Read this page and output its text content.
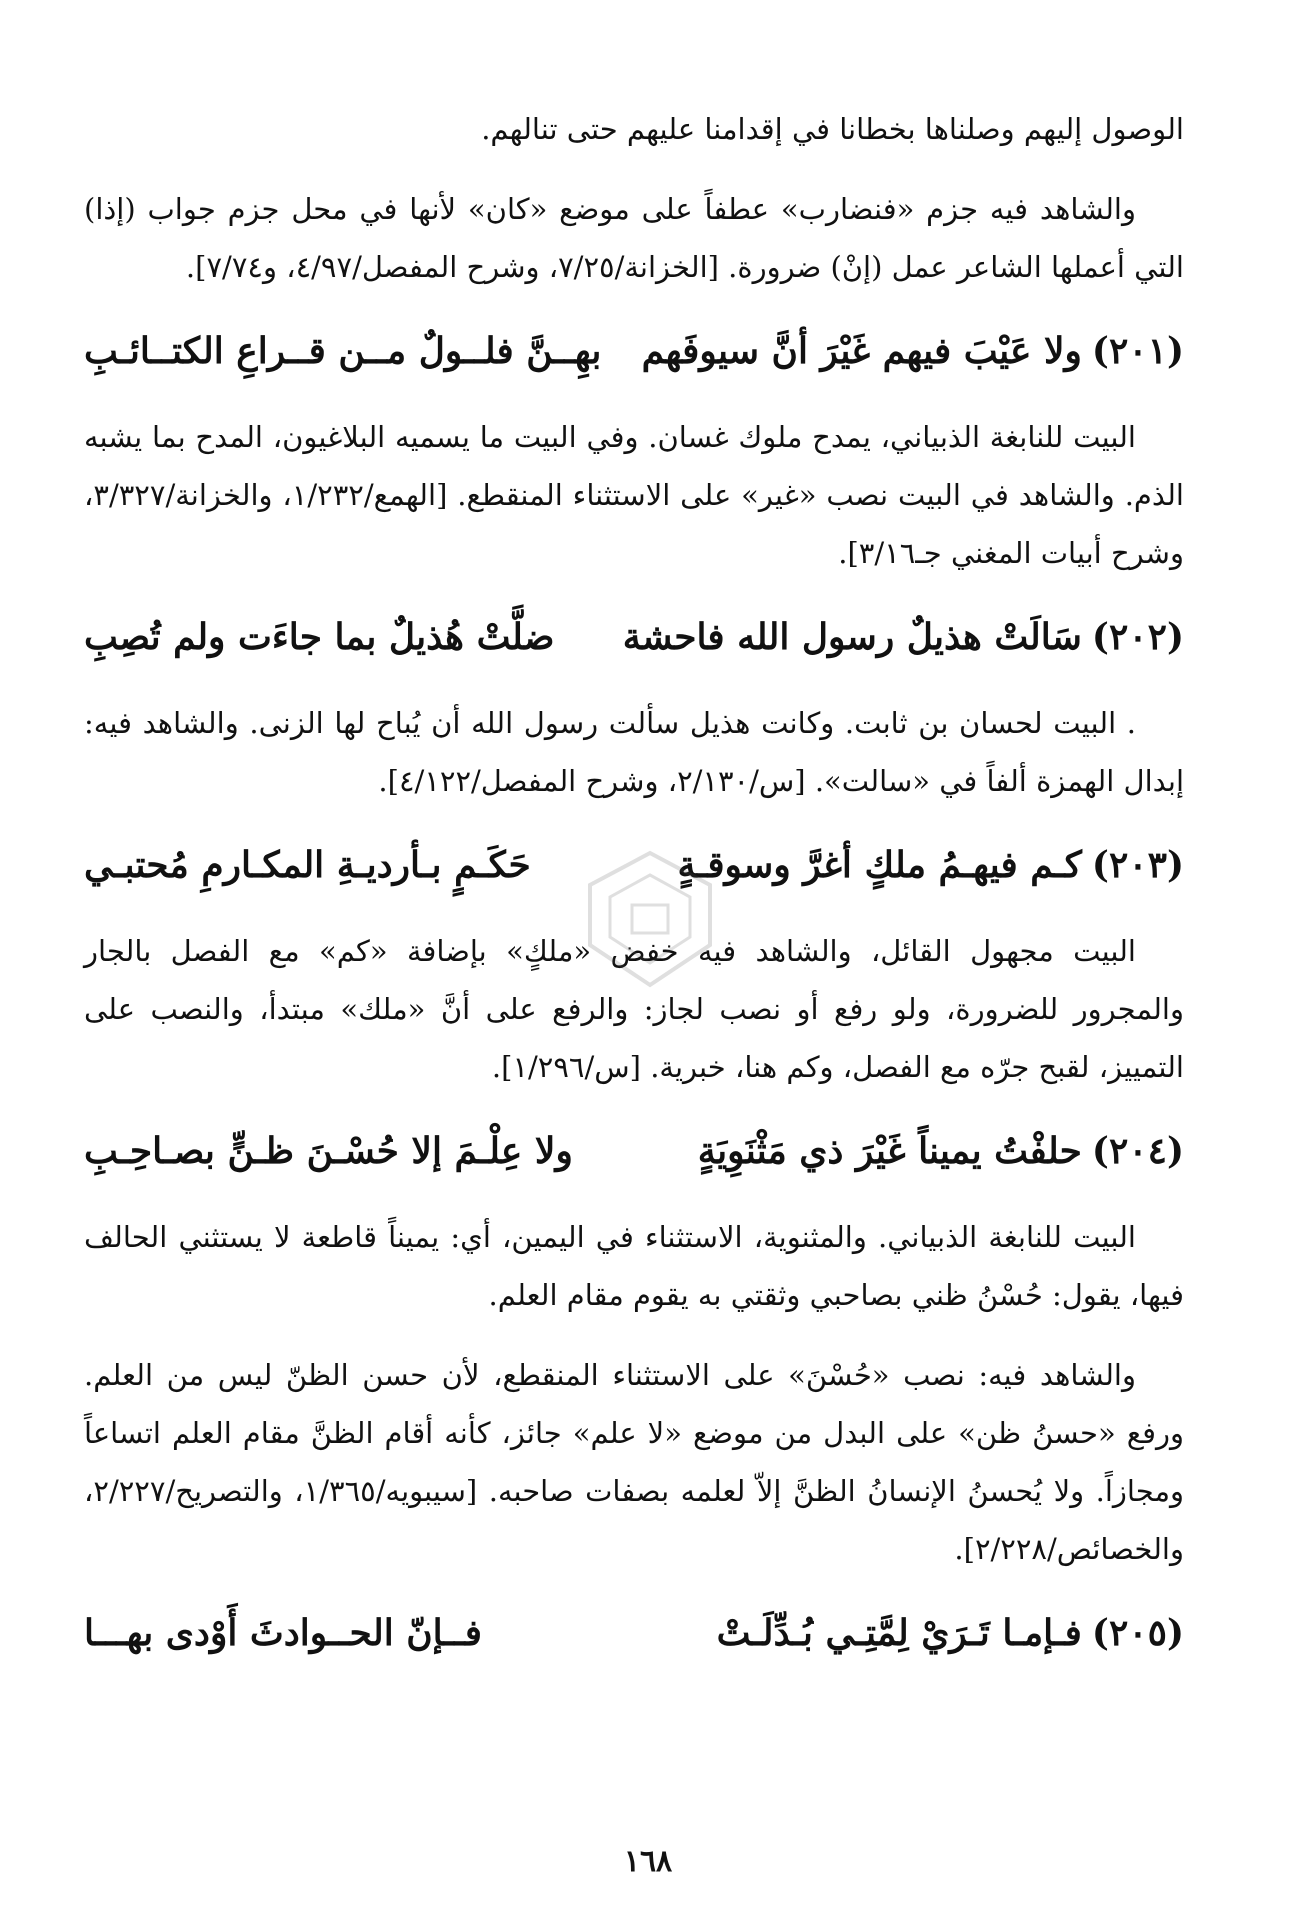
الوصول إليهم وصلناها بخطانا في إقدامنا عليهم حتى تنالهم.

والشاهد فيه جزم «فنضارب» عطفاً على موضع «كان» لأنها في محل جزم جواب (إذا) التي أعملها الشاعر عمل (إنْ) ضرورة. [الخزانة/٧/٢٥، وشرح المفصل/٤/٩٧، و٧/٧٤].

(٢٠١)ولا عَيْبَ فيهم غَيْرَ أنَّ سيوفَهم
بهِــنَّ فلــولٌ مــن قــراعِ الكتــائـبِ

البيت للنابغة الذبياني، يمدح ملوك غسان. وفي البيت ما يسميه البلاغيون، المدح بما يشبه الذم. والشاهد في البيت نصب «غير» على الاستثناء المنقطع. [الهمع/١/٢٣٢، والخزانة/٣/٣٢٧، وشرح أبيات المغني جـ٣/١٦].

(٢٠٢)سَالَتْ هذيلٌ رسول الله فاحشة
ضلَّتْ هُذيلٌ بما جاءَت ولم تُصِبِ

. البيت لحسان بن ثابت. وكانت هذيل سألت رسول الله أن يُباح لها الزنى. والشاهد فيه: إبدال الهمزة ألفاً في «سالت». [س/٢/١٣٠، وشرح المفصل/٤/١٢٢].

(٢٠٣)كـم فيهـمُ ملكٍ أغرَّ وسوقـةٍ
حَكَـمٍ بـأرديـةِ المكـارمِ مُحتبـي

البيت مجهول القائل، والشاهد فيه خفض «ملكٍ» بإضافة «كم» مع الفصل بالجار والمجرور للضرورة، ولو رفع أو نصب لجاز: والرفع على أنَّ «ملك» مبتدأ، والنصب على التمييز، لقبح جرّه مع الفصل، وكم هنا، خبرية. [س/١/٢٩٦].

(٢٠٤)حلفْتُ يميناً غَيْرَ ذي مَثْنَوِيَةٍ
ولا عِلْـمَ إلا حُسْـنَ ظـنٍّ بصـاحِـبِ

البيت للنابغة الذبياني. والمثنوية، الاستثناء في اليمين، أي: يميناً قاطعة لا يستثني الحالف فيها، يقول: حُسْنُ ظني بصاحبي وثقتي به يقوم مقام العلم.

والشاهد فيه: نصب «حُسْنَ» على الاستثناء المنقطع، لأن حسن الظنّ ليس من العلم. ورفع «حسنُ ظن» على البدل من موضع «لا علم» جائز، كأنه أقام الظنَّ مقام العلم اتساعاً ومجازاً. ولا يُحسنُ الإنسانُ الظنَّ إلاّ لعلمه بصفات صاحبه. [سيبويه/١/٣٦٥، والتصريح/٢/٢٢٧، والخصائص/٢/٢٢٨].

(٢٠٥)فـإمـا تَـرَيْ لِمَّتِـي بُـدِّلَـتْ
فــإنّ الحــوادثَ أَوْدى بهـــا
١٦٨
